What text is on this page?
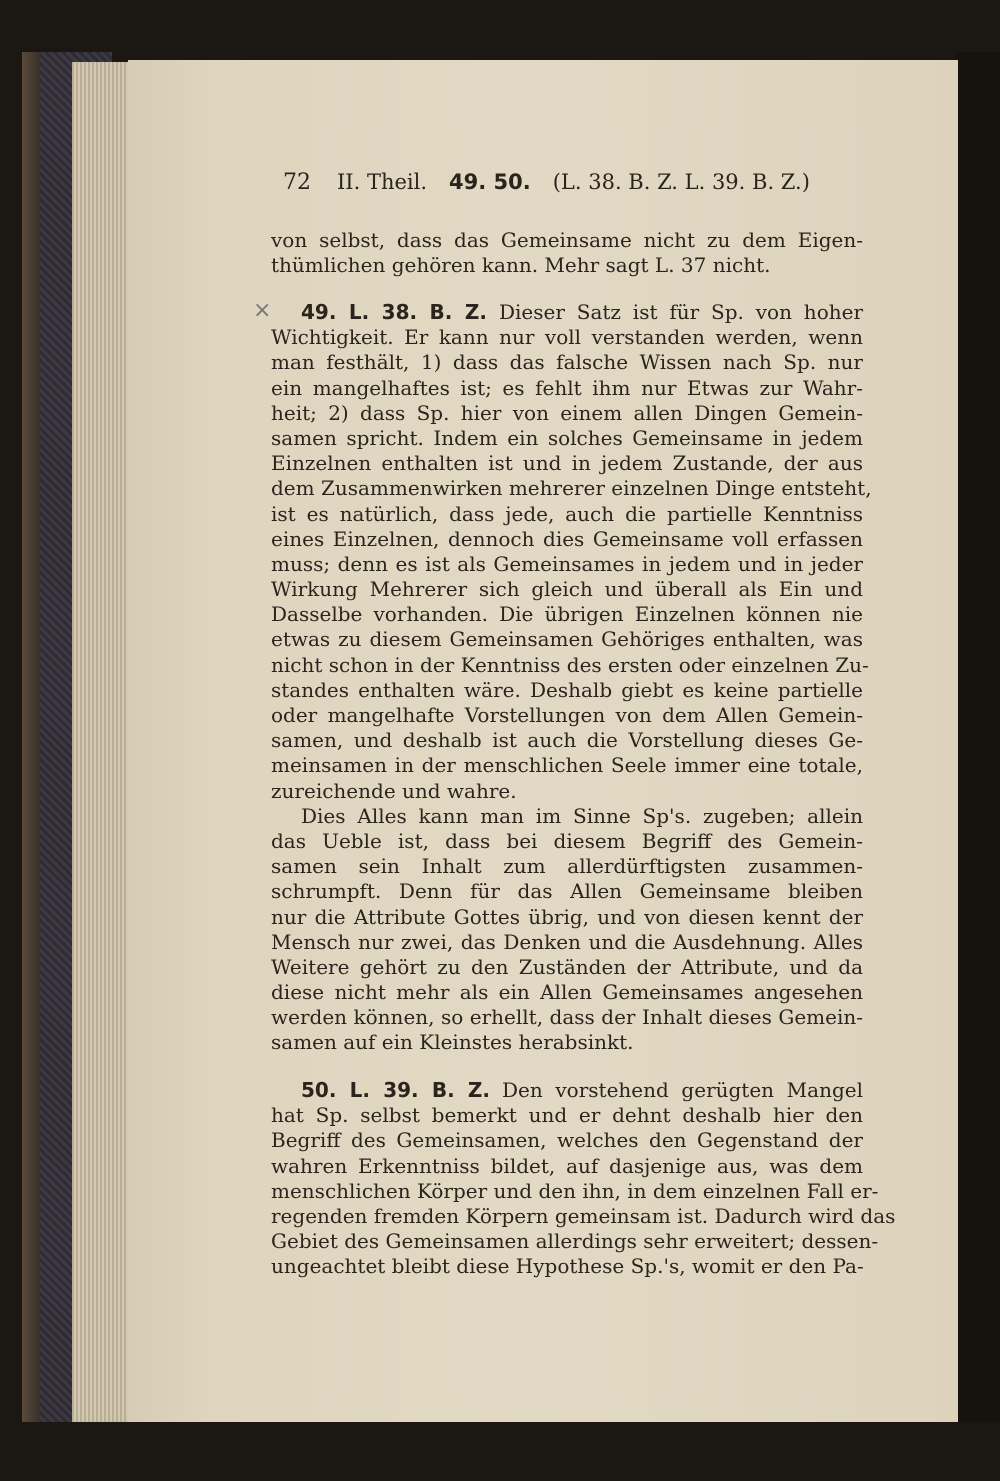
72 II. Theil. 49. 50. (L. 38. B. Z. L. 39. B. Z.)
×
von selbst, dass das Gemeinsame nicht zu dem Eigen-
thümlichen gehören kann. Mehr sagt L. 37 nicht.
49. L. 38. B. Z. Dieser Satz ist für Sp. von hoher
Wichtigkeit. Er kann nur voll verstanden werden, wenn
man festhält, 1) dass das falsche Wissen nach Sp. nur
ein mangelhaftes ist; es fehlt ihm nur Etwas zur Wahr-
heit; 2) dass Sp. hier von einem allen Dingen Gemein-
samen spricht. Indem ein solches Gemeinsame in jedem
Einzelnen enthalten ist und in jedem Zustande, der aus
dem Zusammenwirken mehrerer einzelnen Dinge entsteht,
ist es natürlich, dass jede, auch die partielle Kenntniss
eines Einzelnen, dennoch dies Gemeinsame voll erfassen
muss; denn es ist als Gemeinsames in jedem und in jeder
Wirkung Mehrerer sich gleich und überall als Ein und
Dasselbe vorhanden. Die übrigen Einzelnen können nie
etwas zu diesem Gemeinsamen Gehöriges enthalten, was
nicht schon in der Kenntniss des ersten oder einzelnen Zu-
standes enthalten wäre. Deshalb giebt es keine partielle
oder mangelhafte Vorstellungen von dem Allen Gemein-
samen, und deshalb ist auch die Vorstellung dieses Ge-
meinsamen in der menschlichen Seele immer eine totale,
zureichende und wahre.
Dies Alles kann man im Sinne Sp's. zugeben; allein
das Ueble ist, dass bei diesem Begriff des Gemein-
samen sein Inhalt zum allerdürftigsten zusammen-
schrumpft. Denn für das Allen Gemeinsame bleiben
nur die Attribute Gottes übrig, und von diesen kennt der
Mensch nur zwei, das Denken und die Ausdehnung. Alles
Weitere gehört zu den Zuständen der Attribute, und da
diese nicht mehr als ein Allen Gemeinsames angesehen
werden können, so erhellt, dass der Inhalt dieses Gemein-
samen auf ein Kleinstes herabsinkt.
50. L. 39. B. Z. Den vorstehend gerügten Mangel
hat Sp. selbst bemerkt und er dehnt deshalb hier den
Begriff des Gemeinsamen, welches den Gegenstand der
wahren Erkenntniss bildet, auf dasjenige aus, was dem
menschlichen Körper und den ihn, in dem einzelnen Fall er-
regenden fremden Körpern gemeinsam ist. Dadurch wird das
Gebiet des Gemeinsamen allerdings sehr erweitert; dessen-
ungeachtet bleibt diese Hypothese Sp.'s, womit er den Pa-
